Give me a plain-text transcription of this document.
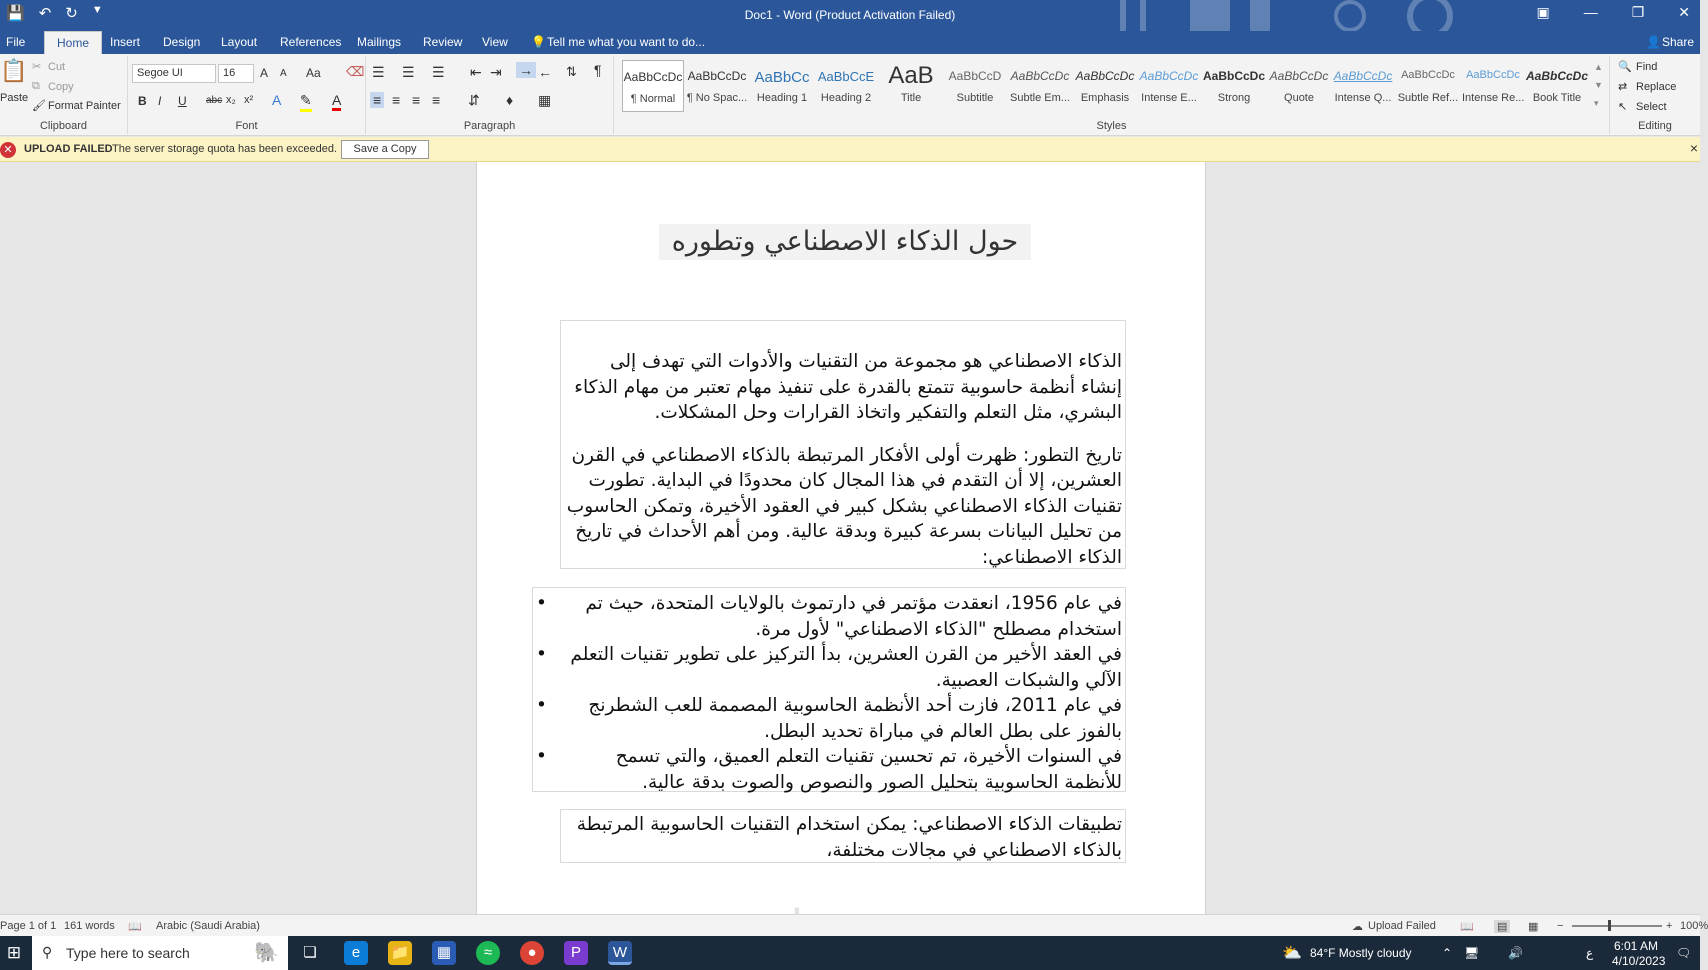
💾 ↶ ↻ ▼	Doc1 - Word (Product Activation Failed)	▣ — ❐ ✕
File	Home	Insert Design Layout References Mailings Review View 💡 Tell me what you want to do...	👤 Share
📋
Paste
✂ Cut
⧉ Copy
🖌 Format Painter
Clipboard
Segoe UI	16	A A Aa ⌫
B I U abc x₂ x² A ✎ A
Font
☰ ☰ ☰ ⇤ ⇥ → ← ⇅ ¶
≡ ≡ ≡ ≡ ⇵ ♦ ▦
Paragraph
AaBbCcDc
¶ Normal
AaBbCcDc
¶ No Spac...
AaBbCc
Heading 1
AaBbCcE
Heading 2
AaB
Title
AaBbCcD
Subtitle
AaBbCcDc
Subtle Em...
AaBbCcDc
Emphasis
AaBbCcDc
Intense E...
AaBbCcDc
Strong
AaBbCcDc
Quote
AaBbCcDc
Intense Q...
AaBbCcDc
Subtle Ref...
AaBbCcDc
Intense Re...
AaBbCcDc
Book Title
▲
▼
▾
Styles
🔍 Find
⇄ Replace
↖ Select
Editing
✕	UPLOAD FAILED The server storage quota has been exceeded.	Save a Copy	×
حول الذكاء الاصطناعي وتطوره

الذكاء الاصطناعي هو مجموعة من التقنيات والأدوات التي تهدف إلى إنشاء أنظمة حاسوبية تتمتع بالقدرة على تنفيذ مهام تعتبر من مهام الذكاء البشري، مثل التعلم والتفكير واتخاذ القرارات وحل المشكلات.

تاريخ التطور: ظهرت أولى الأفكار المرتبطة بالذكاء الاصطناعي في القرن العشرين، إلا أن التقدم في هذا المجال كان محدودًا في البداية. تطورت تقنيات الذكاء الاصطناعي بشكل كبير في العقود الأخيرة، وتمكن الحاسوب من تحليل البيانات بسرعة كبيرة وبدقة عالية. ومن أهم الأحداث في تاريخ الذكاء الاصطناعي:

• في عام 1956، انعقدت مؤتمر في دارتموث بالولايات المتحدة، حيث تم استخدام مصطلح "الذكاء الاصطناعي" لأول مرة.
• في العقد الأخير من القرن العشرين، بدأ التركيز على تطوير تقنيات التعلم الآلي والشبكات العصبية.
• في عام 2011، فازت أحد الأنظمة الحاسوبية المصممة للعب الشطرنج بالفوز على بطل العالم في مباراة تحديد البطل.
•	في السنوات الأخيرة، تم تحسين تقنيات التعلم العميق، والتي تسمح للأنظمة الحاسوبية بتحليل الصور والنصوص والصوت بدقة عالية.

تطبيقات الذكاء الاصطناعي: يمكن استخدام التقنيات الحاسوبية المرتبطة بالذكاء الاصطناعي في مجالات مختلفة،

Page 1 of 1 161 words 📖 Arabic (Saudi Arabia)	☁ Upload Failed 📖 ▤ ▦ −	+ 100%
⊞	⚲ Type here to search	🐘	❏	e	📁	▦	≈	●	P	W	⛅ 84°F Mostly cloudy	⌃ 🖥 🔊	ع 6:01 AM
4/10/2023
🗨
